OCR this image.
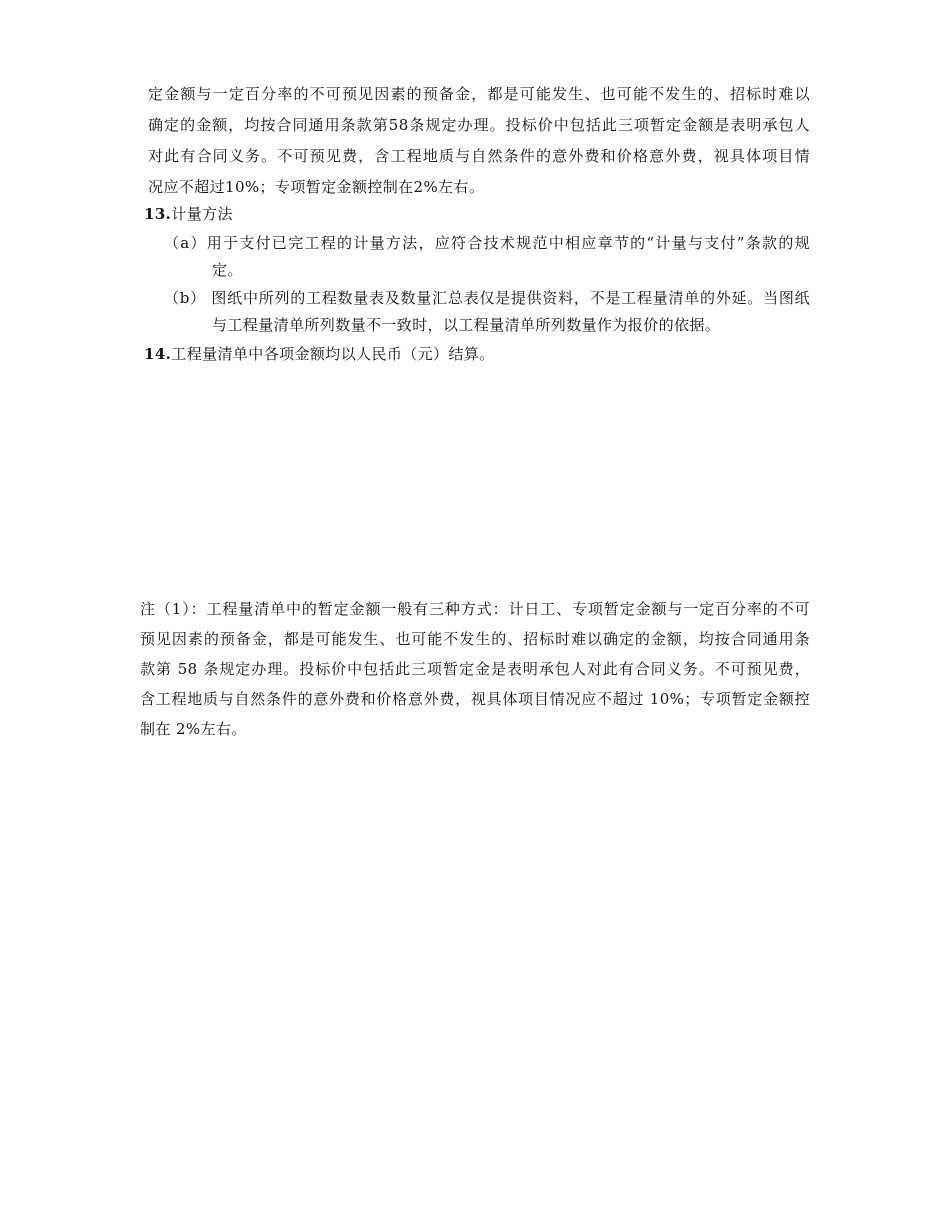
定金额与一定百分率的不可预见因素的预备金，都是可能发生、也可能不发生的、招标时难以
确定的金额，均按合同通用条款第58条规定办理。投标价中包括此三项暂定金额是表明承包人
对此有合同义务。不可预见费，含工程地质与自然条件的意外费和价格意外费，视具体项目情
况应不超过10%；专项暂定金额控制在2%左右。
13.计量方法
（a）用于支付已完工程的计量方法，应符合技术规范中相应章节的“计量与支付”条款的规
定。
（b） 图纸中所列的工程数量表及数量汇总表仅是提供资料，不是工程量清单的外延。当图纸
与工程量清单所列数量不一致时，以工程量清单所列数量作为报价的依据。
14.工程量清单中各项金额均以人民币（元）结算。
注（1）：工程量清单中的暂定金额一般有三种方式：计日工、专项暂定金额与一定百分率的不可
预见因素的预备金，都是可能发生、也可能不发生的、招标时难以确定的金额，均按合同通用条
款第 58 条规定办理。投标价中包括此三项暂定金是表明承包人对此有合同义务。不可预见费，
含工程地质与自然条件的意外费和价格意外费，视具体项目情况应不超过 10%；专项暂定金额控
制在 2%左右。
